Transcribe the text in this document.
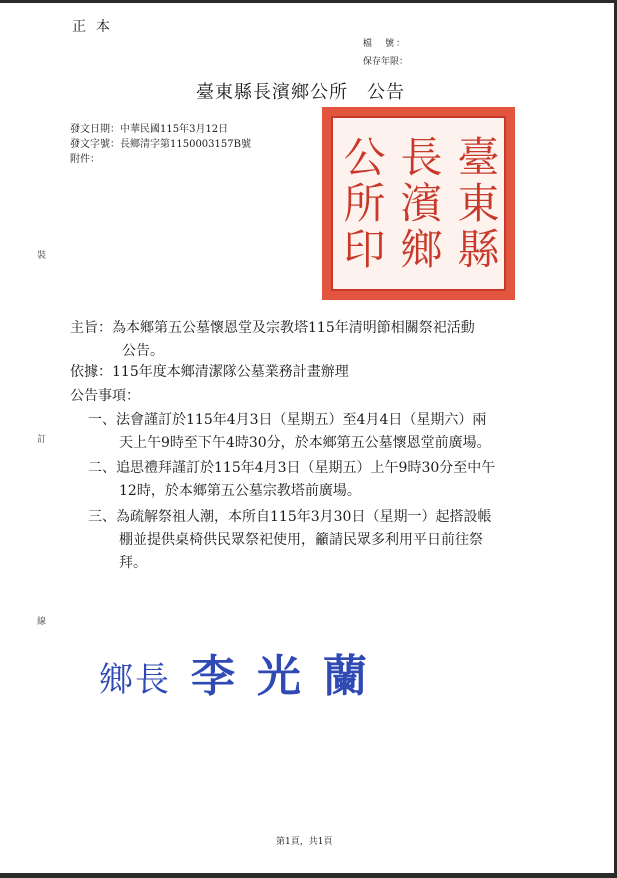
正本
檔　號：
保存年限：
臺東縣長濱鄉公所　公告
發文日期：中華民國115年3月12日
發文字號：長鄉清字第1150003157B號
附件：
裝
訂
線
公所印 長濱鄉 臺東縣
主旨：為本鄉第五公墓懷恩堂及宗教塔115年清明節相關祭祀活動
公告。
依據：115年度本鄉清潔隊公墓業務計畫辦理
公告事項：
一、法會謹訂於115年4月3日（星期五）至4月4日（星期六）兩
天上午9時至下午4時30分，於本鄉第五公墓懷恩堂前廣場。
二、追思禮拜謹訂於115年4月3日（星期五）上午9時30分至中午
12時，於本鄉第五公墓宗教塔前廣場。
三、為疏解祭祖人潮，本所自115年3月30日（星期一）起搭設帳
棚並提供桌椅供民眾祭祀使用，籲請民眾多利用平日前往祭
拜。
鄉長 李光蘭
第1頁，共1頁
